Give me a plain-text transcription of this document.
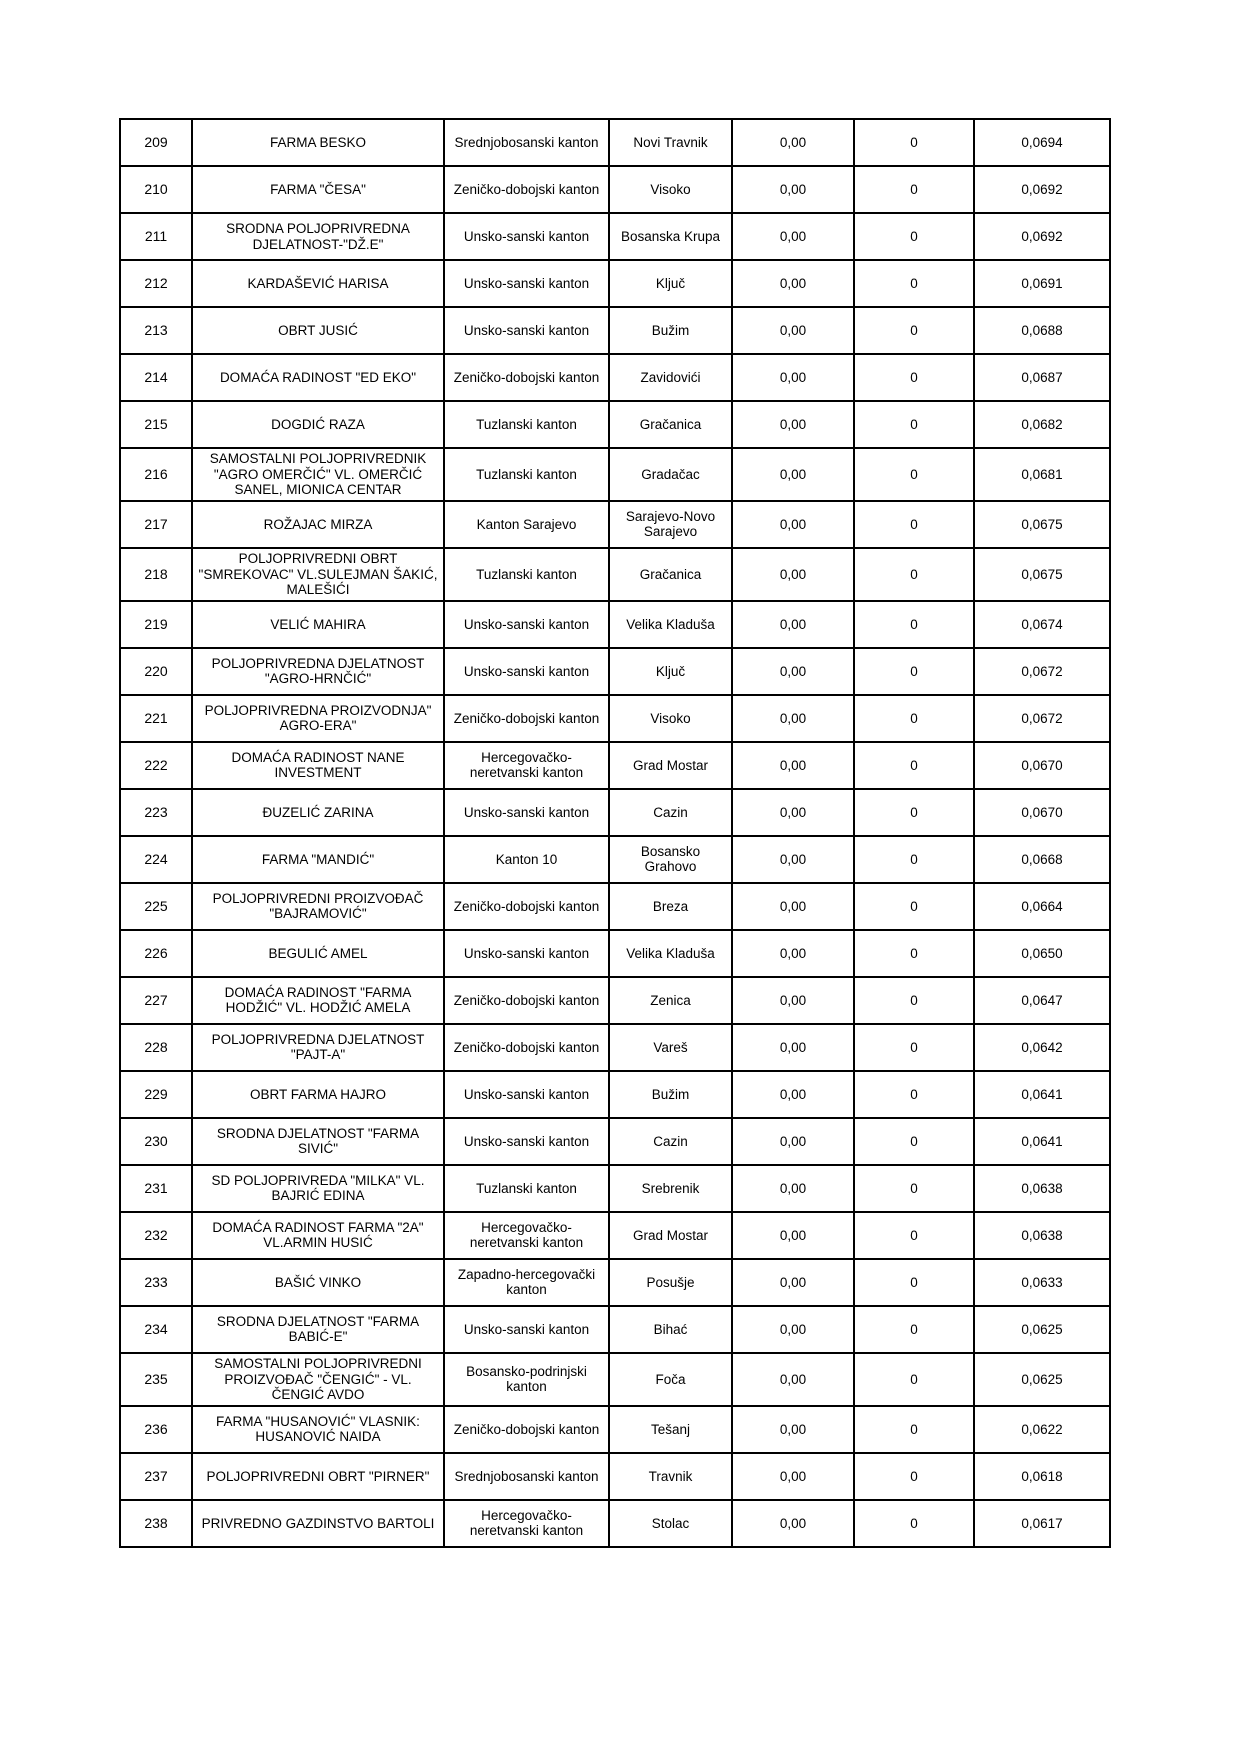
209	FARMA BESKO	Srednjobosanski kanton	Novi Travnik	0,00	0	0,0694
210	FARMA "ČESA"	Zeničko-dobojski kanton	Visoko	0,00	0	0,0692
211	SRODNA POLJOPRIVREDNA DJELATNOST-"DŽ.E"	Unsko-sanski kanton	Bosanska Krupa	0,00	0	0,0692
212	KARDAŠEVIĆ HARISA	Unsko-sanski kanton	Ključ	0,00	0	0,0691
213	OBRT JUSIĆ	Unsko-sanski kanton	Bužim	0,00	0	0,0688
214	DOMAĆA RADINOST "ED EKO"	Zeničko-dobojski kanton	Zavidovići	0,00	0	0,0687
215	DOGDIĆ RAZA	Tuzlanski kanton	Gračanica	0,00	0	0,0682
216	SAMOSTALNI POLJOPRIVREDNIK "AGRO OMERČIĆ" VL. OMERČIĆ SANEL, MIONICA CENTAR	Tuzlanski kanton	Gradačac	0,00	0	0,0681
217	ROŽAJAC MIRZA	Kanton Sarajevo	Sarajevo-Novo Sarajevo	0,00	0	0,0675
218	POLJOPRIVREDNI OBRT "SMREKOVAC" VL.SULEJMAN ŠAKIĆ, MALEŠIĆI	Tuzlanski kanton	Gračanica	0,00	0	0,0675
219	VELIĆ MAHIRA	Unsko-sanski kanton	Velika Kladuša	0,00	0	0,0674
220	POLJOPRIVREDNA DJELATNOST "AGRO-HRNČIĆ"	Unsko-sanski kanton	Ključ	0,00	0	0,0672
221	POLJOPRIVREDNA PROIZVODNJA" AGRO-ERA"	Zeničko-dobojski kanton	Visoko	0,00	0	0,0672
222	DOMAĆA RADINOST NANE INVESTMENT	Hercegovačko-neretvanski kanton	Grad Mostar	0,00	0	0,0670
223	ĐUZELIĆ ZARINA	Unsko-sanski kanton	Cazin	0,00	0	0,0670
224	FARMA "MANDIĆ"	Kanton 10	Bosansko Grahovo	0,00	0	0,0668
225	POLJOPRIVREDNI PROIZVOĐAČ "BAJRAMOVIĆ"	Zeničko-dobojski kanton	Breza	0,00	0	0,0664
226	BEGULIĆ AMEL	Unsko-sanski kanton	Velika Kladuša	0,00	0	0,0650
227	DOMAĆA RADINOST "FARMA HODŽIĆ" VL. HODŽIĆ AMELA	Zeničko-dobojski kanton	Zenica	0,00	0	0,0647
228	POLJOPRIVREDNA DJELATNOST "PAJT-A"	Zeničko-dobojski kanton	Vareš	0,00	0	0,0642
229	OBRT FARMA HAJRO	Unsko-sanski kanton	Bužim	0,00	0	0,0641
230	SRODNA DJELATNOST "FARMA SIVIĆ"	Unsko-sanski kanton	Cazin	0,00	0	0,0641
231	SD POLJOPRIVREDA "MILKA" VL. BAJRIĆ EDINA	Tuzlanski kanton	Srebrenik	0,00	0	0,0638
232	DOMAĆA RADINOST FARMA "2A" VL.ARMIN HUSIĆ	Hercegovačko-neretvanski kanton	Grad Mostar	0,00	0	0,0638
233	BAŠIĆ VINKO	Zapadno-hercegovački kanton	Posušje	0,00	0	0,0633
234	SRODNA DJELATNOST "FARMA BABIĆ-E"	Unsko-sanski kanton	Bihać	0,00	0	0,0625
235	SAMOSTALNI POLJOPRIVREDNI PROIZVOĐAČ "ČENGIĆ" - VL. ČENGIĆ AVDO	Bosansko-podrinjski kanton	Foča	0,00	0	0,0625
236	FARMA "HUSANOVIĆ" VLASNIK: HUSANOVIĆ NAIDA	Zeničko-dobojski kanton	Tešanj	0,00	0	0,0622
237	POLJOPRIVREDNI OBRT "PIRNER"	Srednjobosanski kanton	Travnik	0,00	0	0,0618
238	PRIVREDNO GAZDINSTVO BARTOLI	Hercegovačko-neretvanski kanton	Stolac	0,00	0	0,0617
